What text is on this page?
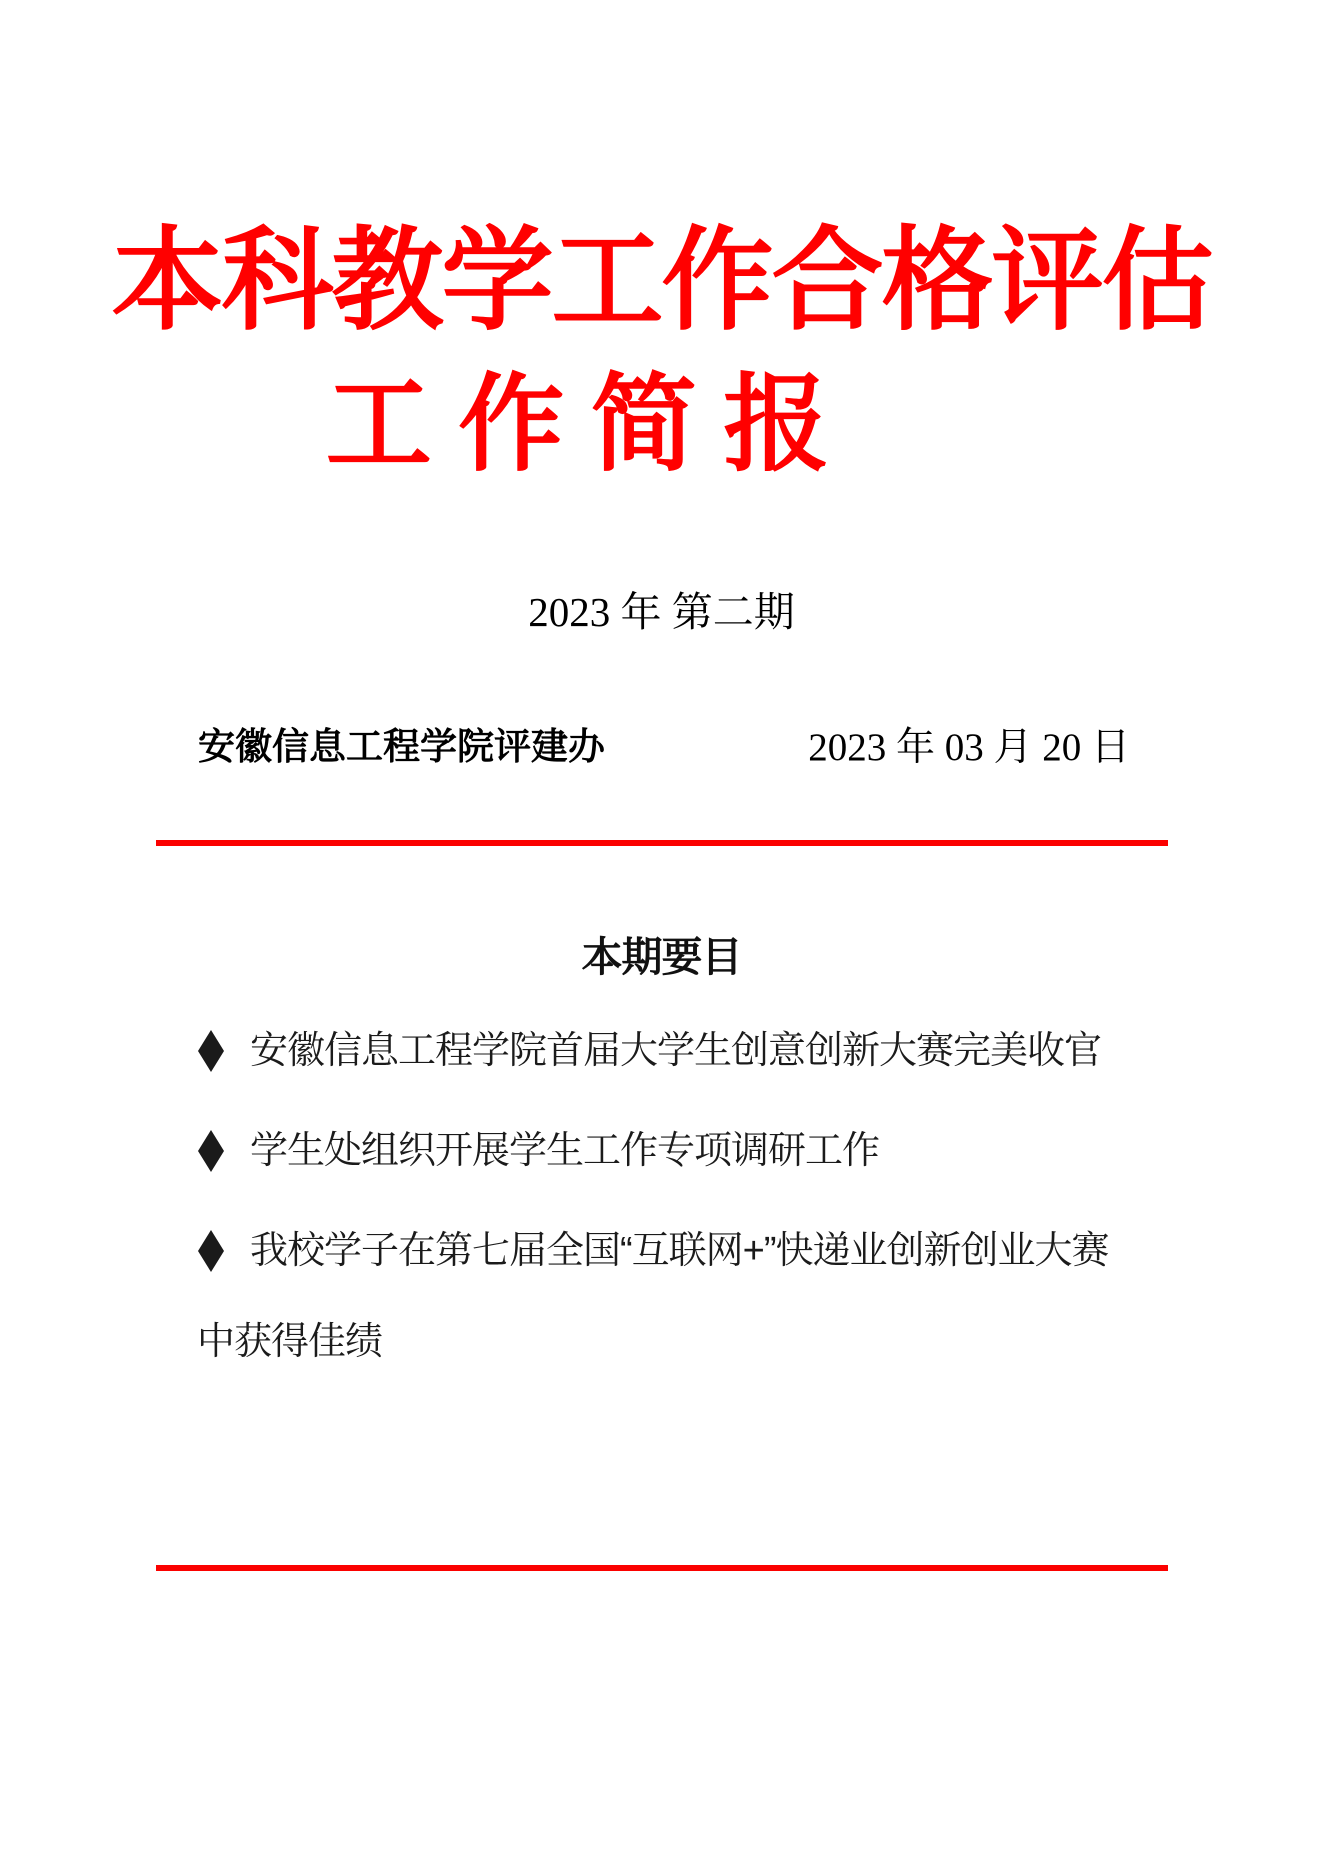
本科教学工作合格评估
工 作 简 报
2023 年 第二期
安徽信息工程学院评建办	2023 年 03 月 20 日
本期要目
安徽信息工程学院首届大学生创意创新大赛完美收官
学生处组织开展学生工作专项调研工作
我校学子在第七届全国“互联网+”快递业创新创业大赛
中获得佳绩
